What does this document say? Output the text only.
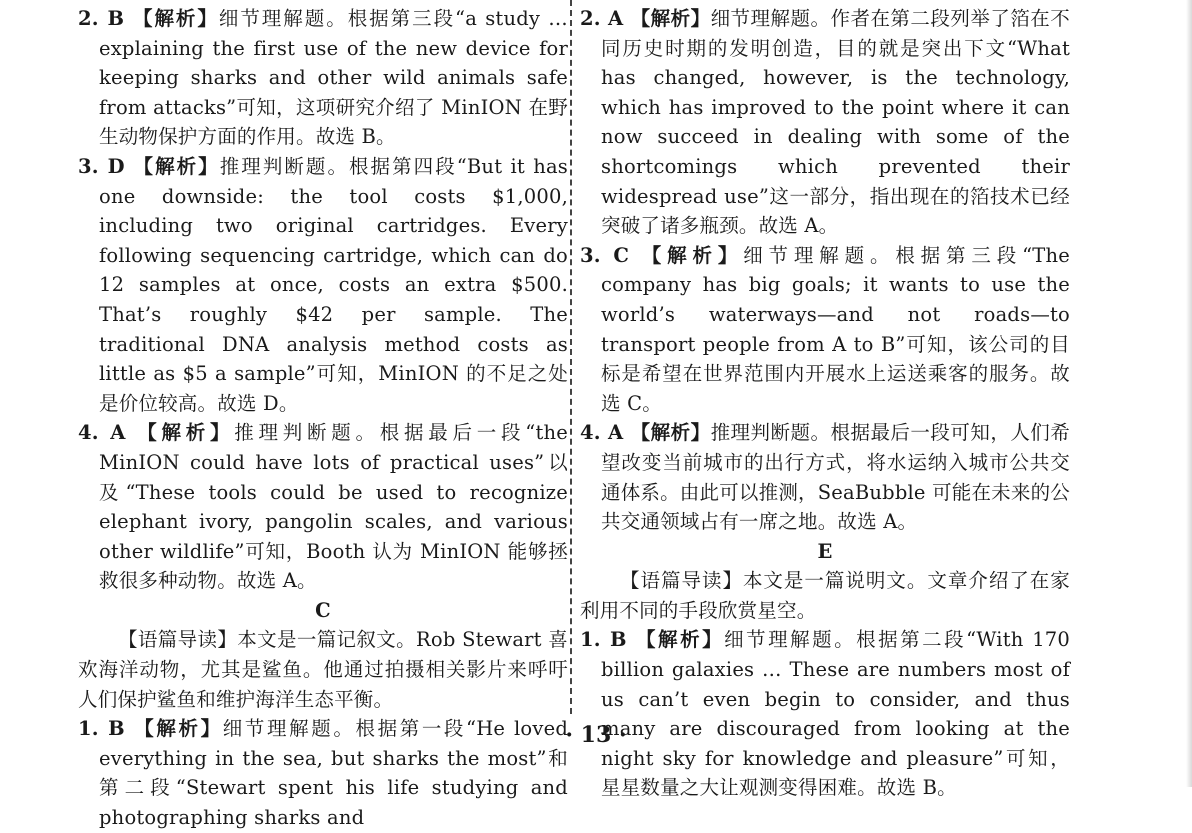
2. B 【解析】细节理解题。根据第三段“a study … explaining the first use of the new device for keeping sharks and other wild animals safe from attacks”可知，这项研究介绍了 MinION 在野生动物保护方面的作用。故选 B。

3. D 【解析】推理判断题。根据第四段“But it has one downside: the tool costs $1,000, including two original cartridges. Every following sequencing cartridge, which can do 12 samples at once, costs an extra $500. That’s roughly $42 per sample. The traditional DNA analysis method costs as little as $5 a sample”可知，MinION 的不足之处是价位较高。故选 D。

4. A 【解析】推理判断题。根据最后一段“the MinION could have lots of practical uses”以及“These tools could be used to recognize elephant ivory, pangolin scales, and various other wildlife”可知，Booth 认为 MinION 能够拯救很多种动物。故选 A。

C

【语篇导读】本文是一篇记叙文。Rob Stewart 喜欢海洋动物，尤其是鲨鱼。他通过拍摄相关影片来呼吁人们保护鲨鱼和维护海洋生态平衡。

1. B 【解析】细节理解题。根据第一段“He loved everything in the sea, but sharks the most”和第二段“Stewart spent his life studying and photographing sharks and

2. A 【解析】细节理解题。作者在第二段列举了箔在不同历史时期的发明创造，目的就是突出下文“What has changed, however, is the technology, which has improved to the point where it can now succeed in dealing with some of the shortcomings which prevented their widespread use”这一部分，指出现在的箔技术已经突破了诸多瓶颈。故选 A。

3. C 【解析】细节理解题。根据第三段“The company has big goals; it wants to use the world’s waterways—and not roads—to transport people from A to B”可知，该公司的目标是希望在世界范围内开展水上运送乘客的服务。故选 C。

4. A 【解析】推理判断题。根据最后一段可知，人们希望改变当前城市的出行方式，将水运纳入城市公共交通体系。由此可以推测，SeaBubble 可能在未来的公共交通领域占有一席之地。故选 A。

E

【语篇导读】本文是一篇说明文。文章介绍了在家利用不同的手段欣赏星空。

1. B 【解析】细节理解题。根据第二段“With 170 billion galaxies … These are numbers most of us can’t even begin to consider, and thus many are discouraged from looking at the night sky for knowledge and pleasure”可知，星星数量之大让观测变得困难。故选 B。

· 13 ·
